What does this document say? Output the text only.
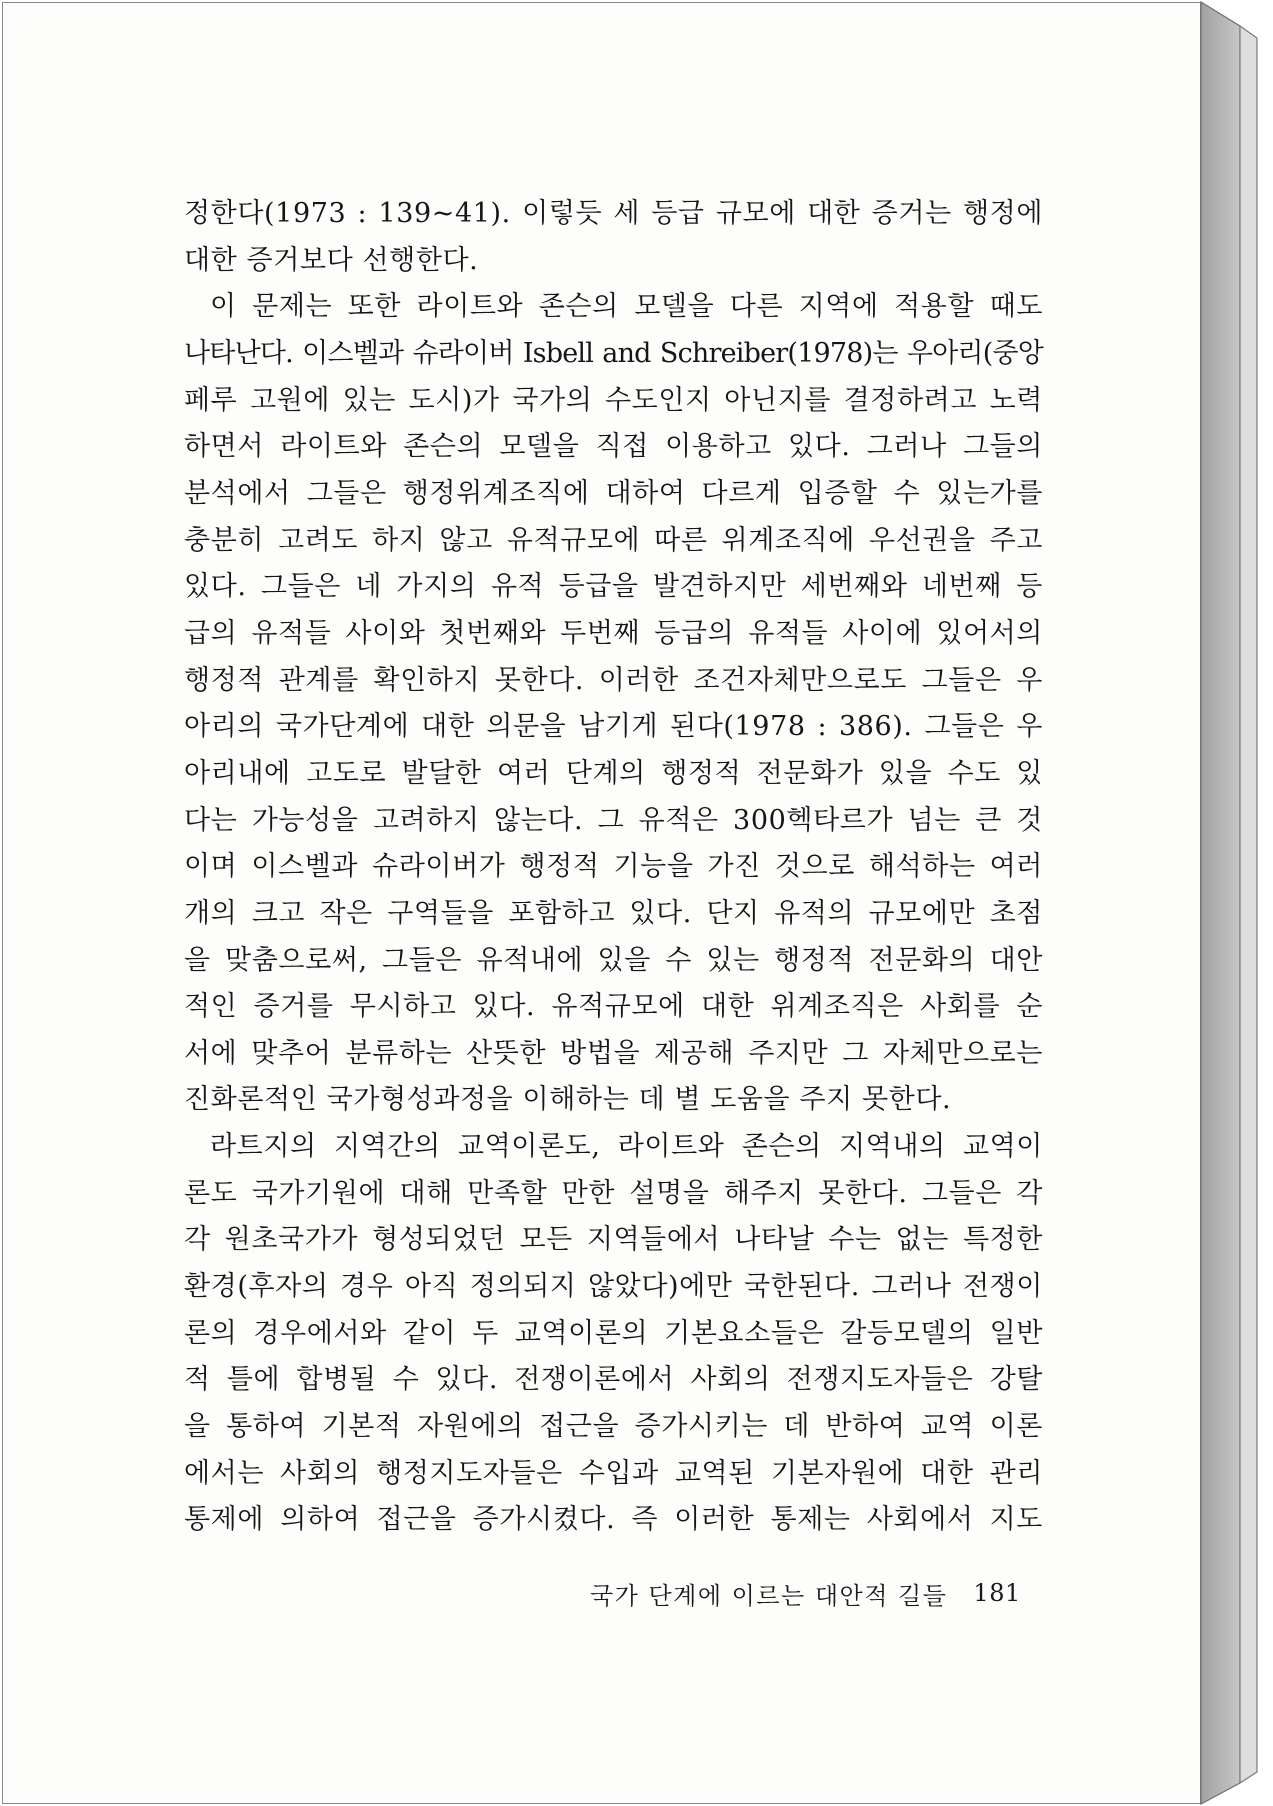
정한다(1973 : 139~41). 이렇듯 세 등급 규모에 대한 증거는 행정에
대한 증거보다 선행한다.
이 문제는 또한 라이트와 존슨의 모델을 다른 지역에 적용할 때도
나타난다. 이스벨과 슈라이버 Isbell and Schreiber(1978)는 우아리(중앙
페루 고원에 있는 도시)가 국가의 수도인지 아닌지를 결정하려고 노력
하면서 라이트와 존슨의 모델을 직접 이용하고 있다. 그러나 그들의
분석에서 그들은 행정위계조직에 대하여 다르게 입증할 수 있는가를
충분히 고려도 하지 않고 유적규모에 따른 위계조직에 우선권을 주고
있다. 그들은 네 가지의 유적 등급을 발견하지만 세번째와 네번째 등
급의 유적들 사이와 첫번째와 두번째 등급의 유적들 사이에 있어서의
행정적 관계를 확인하지 못한다. 이러한 조건자체만으로도 그들은 우
아리의 국가단계에 대한 의문을 남기게 된다(1978 : 386). 그들은 우
아리내에 고도로 발달한 여러 단계의 행정적 전문화가 있을 수도 있
다는 가능성을 고려하지 않는다. 그 유적은 300헥타르가 넘는 큰 것
이며 이스벨과 슈라이버가 행정적 기능을 가진 것으로 해석하는 여러
개의 크고 작은 구역들을 포함하고 있다. 단지 유적의 규모에만 초점
을 맞춤으로써, 그들은 유적내에 있을 수 있는 행정적 전문화의 대안
적인 증거를 무시하고 있다. 유적규모에 대한 위계조직은 사회를 순
서에 맞추어 분류하는 산뜻한 방법을 제공해 주지만 그 자체만으로는
진화론적인 국가형성과정을 이해하는 데 별 도움을 주지 못한다.
라트지의 지역간의 교역이론도, 라이트와 존슨의 지역내의 교역이
론도 국가기원에 대해 만족할 만한 설명을 해주지 못한다. 그들은 각
각 원초국가가 형성되었던 모든 지역들에서 나타날 수는 없는 특정한
환경(후자의 경우 아직 정의되지 않았다)에만 국한된다. 그러나 전쟁이
론의 경우에서와 같이 두 교역이론의 기본요소들은 갈등모델의 일반
적 틀에 합병될 수 있다. 전쟁이론에서 사회의 전쟁지도자들은 강탈
을 통하여 기본적 자원에의 접근을 증가시키는 데 반하여 교역 이론
에서는 사회의 행정지도자들은 수입과 교역된 기본자원에 대한 관리
통제에 의하여 접근을 증가시켰다. 즉 이러한 통제는 사회에서 지도
국가 단계에 이르는 대안적 길들 181
